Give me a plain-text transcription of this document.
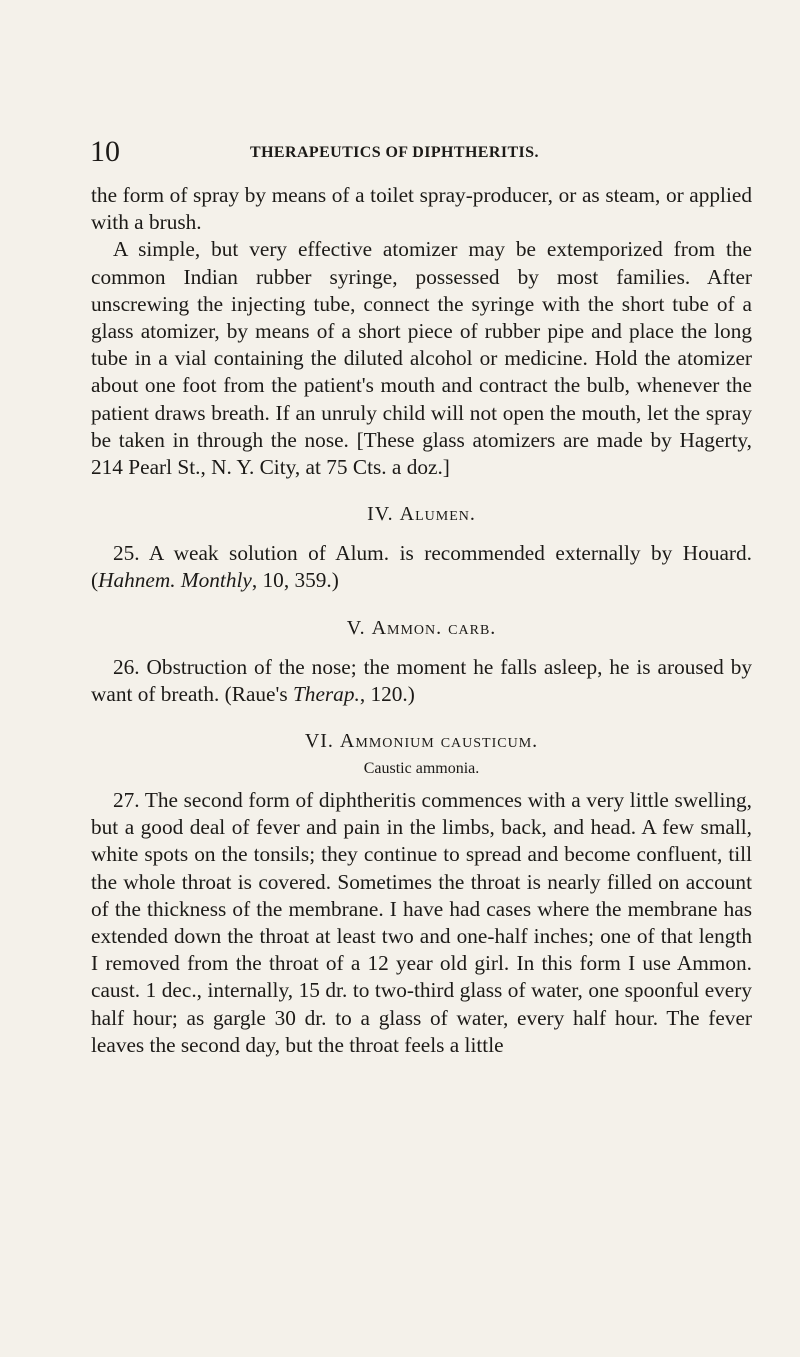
10	THERAPEUTICS OF DIPHTHERITIS.

the form of spray by means of a toilet spray-producer, or as steam, or applied with a brush.

A simple, but very effective atomizer may be extemporized from the common Indian rubber syringe, possessed by most families. After unscrewing the injecting tube, connect the syringe with the short tube of a glass atomizer, by means of a short piece of rubber pipe and place the long tube in a vial containing the diluted alcohol or medicine. Hold the atomizer about one foot from the patient's mouth and contract the bulb, whenever the patient draws breath. If an unruly child will not open the mouth, let the spray be taken in through the nose. [These glass atomizers are made by Hagerty, 214 Pearl St., N. Y. City, at 75 Cts. a doz.]

IV. Alumen.

25. A weak solution of Alum. is recommended externally by Houard. (Hahnem. Monthly, 10, 359.)

V. Ammon. carb.

26. Obstruction of the nose; the moment he falls asleep, he is aroused by want of breath. (Raue's Therap., 120.)

VI. Ammonium causticum.
Caustic ammonia.

27. The second form of diphtheritis commences with a very little swelling, but a good deal of fever and pain in the limbs, back, and head. A few small, white spots on the tonsils; they continue to spread and become confluent, till the whole throat is covered. Sometimes the throat is nearly filled on account of the thickness of the membrane. I have had cases where the membrane has extended down the throat at least two and one-half inches; one of that length I removed from the throat of a 12 year old girl. In this form I use Ammon. caust. 1 dec., internally, 15 dr. to two-third glass of water, one spoonful every half hour; as gargle 30 dr. to a glass of water, every half hour. The fever leaves the second day, but the throat feels a little
